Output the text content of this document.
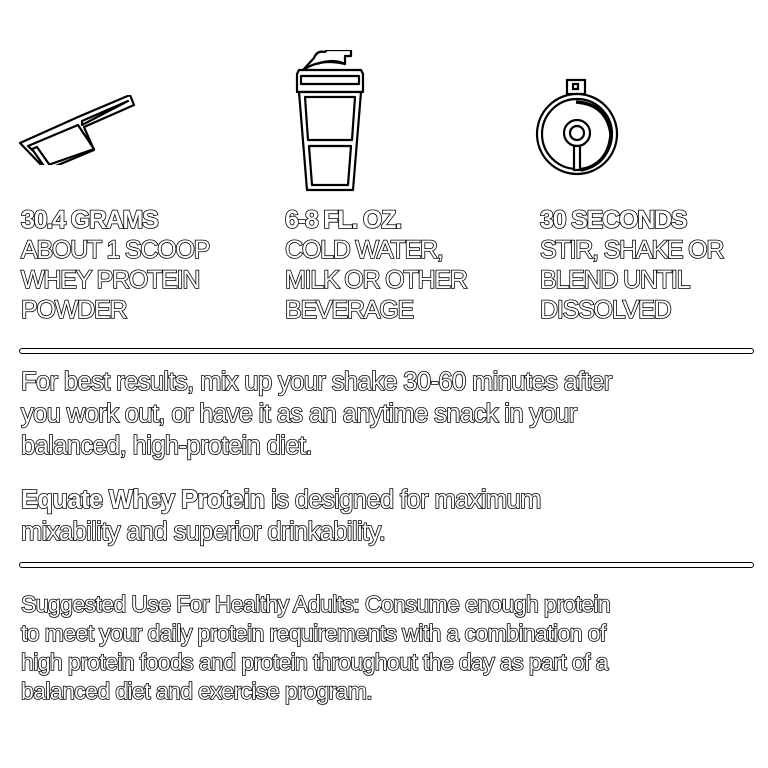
30.4 GRAMS
ABOUT 1 SCOOP
WHEY PROTEIN
POWDER
6-8 FL. OZ.
COLD WATER,
MILK OR OTHER
BEVERAGE
30 SECONDS
STIR, SHAKE OR
BLEND UNTIL
DISSOLVED
For best results, mix up your shake 30-60 minutes after
you work out, or have it as an anytime snack in your
balanced, high-protein diet.
Equate Whey Protein is designed for maximum
mixability and superior drinkability.
Suggested Use For Healthy Adults: Consume enough protein
to meet your daily protein requirements with a combination of
high protein foods and protein throughout the day as part of a
balanced diet and exercise program.
